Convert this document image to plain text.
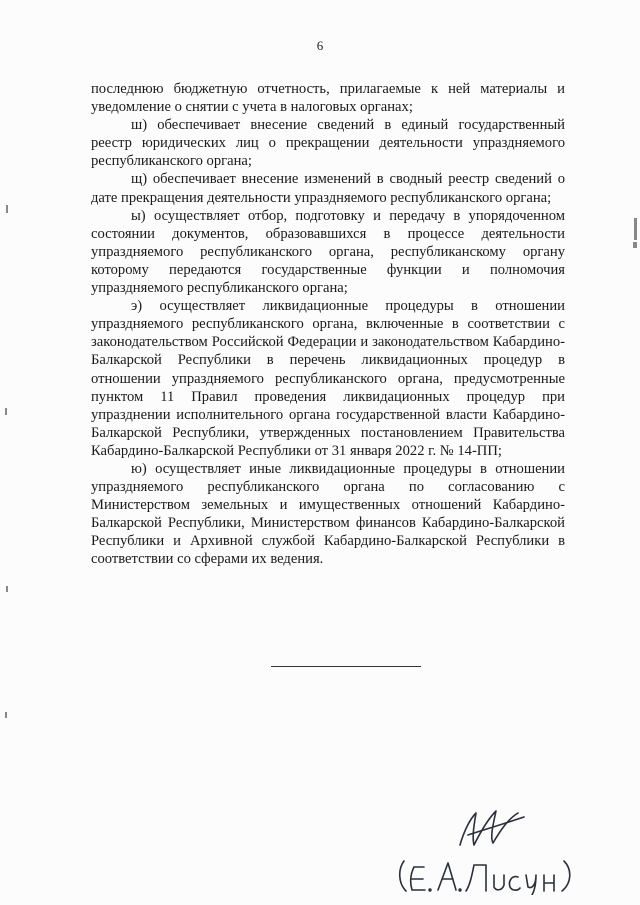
6

последнюю бюджетную отчетность, прилагаемые к ней материалы и уведомление о снятии с учета в налоговых органах;

ш) обеспечивает внесение сведений в единый государственный реестр юридических лиц о прекращении деятельности упраздняемого республиканского органа;

щ) обеспечивает внесение изменений в сводный реестр сведений о дате прекращения деятельности упраздняемого республиканского органа;

ы) осуществляет отбор, подготовку и передачу в упорядоченном состоянии документов, образовавшихся в процессе деятельности упраздняемого республиканского органа, республиканскому органу которому передаются государственные функции и полномочия упраздняемого республиканского органа;

э) осуществляет ликвидационные процедуры в отношении упраздняемого республиканского органа, включенные в соответствии с законодательством Российской Федерации и законодательством Кабардино-Балкарской Республики в перечень ликвидационных процедур в отношении упраздняемого республиканского органа, предусмотренные пунктом 11 Правил проведения ликвидационных процедур при упразднении исполнительного органа государственной власти Кабардино-Балкарской Республики, утвержденных постановлением Правительства Кабардино-Балкарской Республики от 31 января 2022 г. № 14-ПП;

ю) осуществляет иные ликвидационные процедуры в отношении упраздняемого республиканского органа по согласованию с Министерством земельных и имущественных отношений Кабардино-Балкарской Республики, Министерством финансов Кабардино-Балкарской Республики и Архивной службой Кабардино-Балкарской Республики в соответствии со сферами их ведения.
